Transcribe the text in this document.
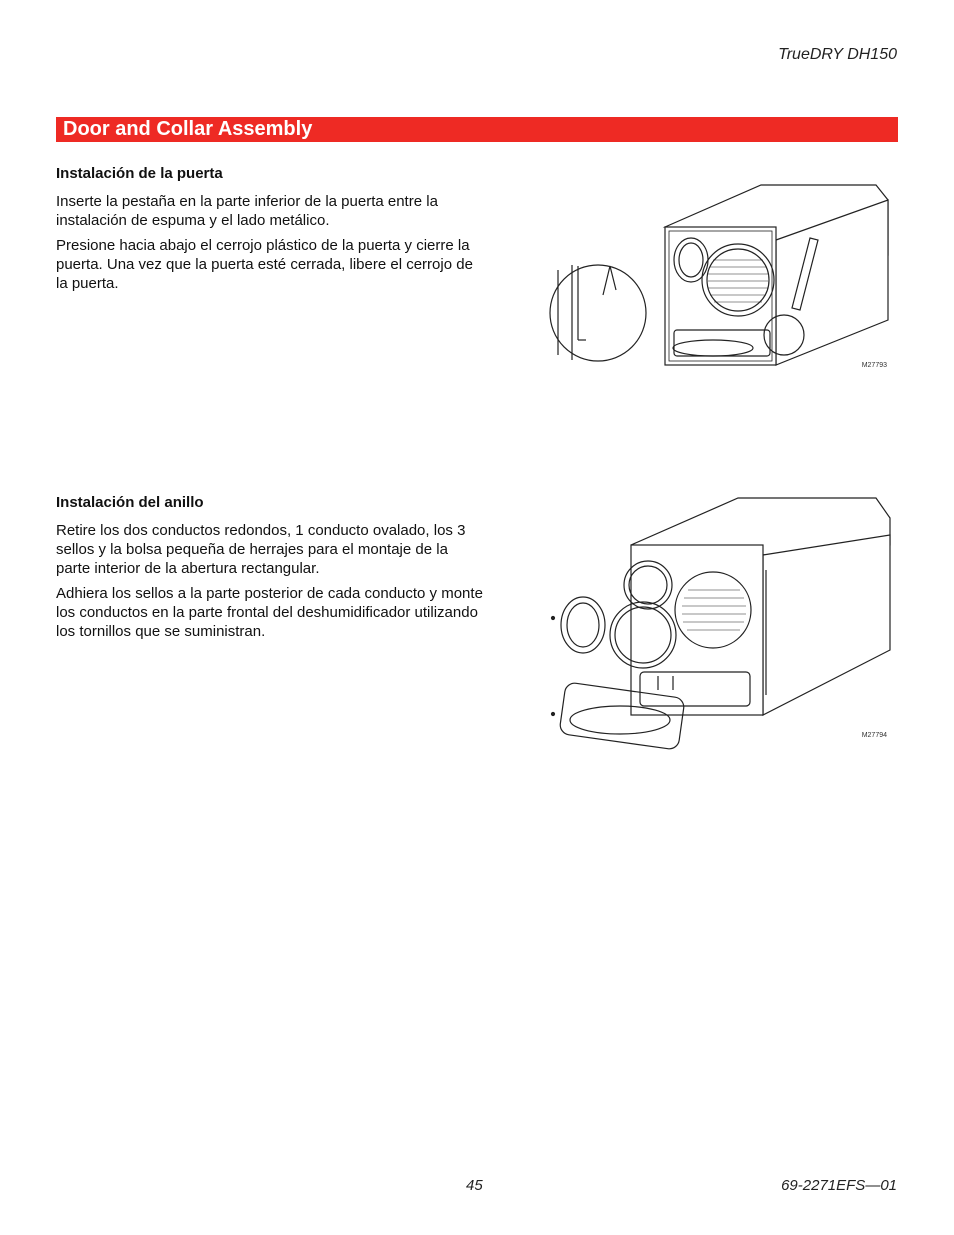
TrueDRY DH150
Door and Collar Assembly
Instalación de la puerta

Inserte la pestaña en la parte inferior de la puerta entre la instalación de espuma y el lado metálico.

Presione hacia abajo el cerrojo plástico de la puerta y cierre la puerta. Una vez que la puerta esté cerrada, libere el cerrojo de la puerta.

M27793
Instalación del anillo

Retire los dos conductos redondos, 1 conducto ovalado, los 3 sellos y la bolsa pequeña de herrajes para el montaje de la parte interior de la abertura rectangular.

Adhiera los sellos a la parte posterior de cada conducto y monte los conductos en la parte frontal del deshumidificador utilizando los tornillos que se suministran.

M27794
45	69-2271EFS—01
